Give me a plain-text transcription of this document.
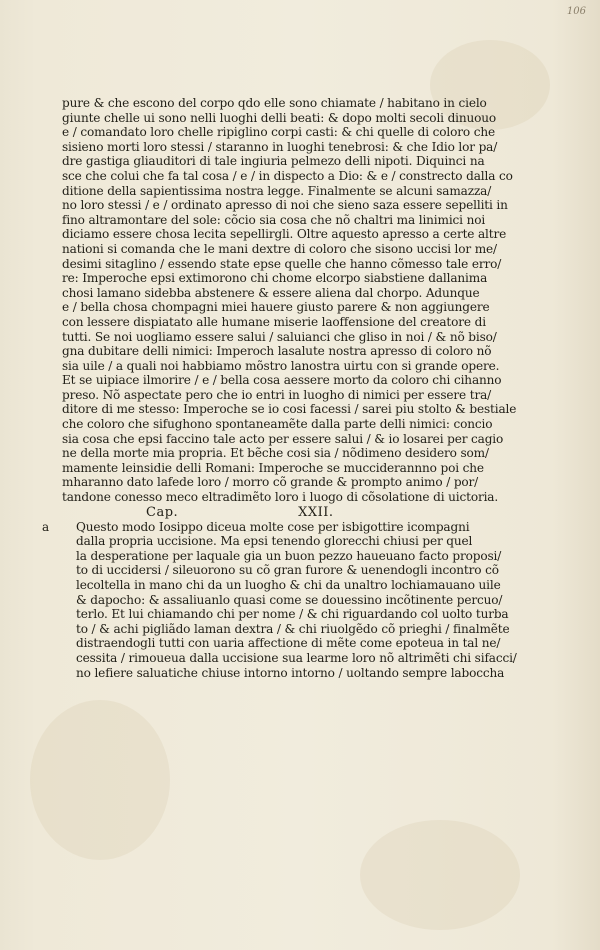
106
pure & che escono del corpo qdo elle sono chiamate / habitano in cielo
giunte chelle ui sono nelli luoghi delli beati: & dopo molti secoli dinuouo
e / comandato loro chelle ripiglino corpi casti: & chi quelle di coloro che
sisieno morti loro stessi / staranno in luoghi tenebrosi: & che Idio lor pa/
dre gastiga gliauditori di tale ingiuria pelmezo delli nipoti. Diquinci na
sce che colui che fa tal cosa / e / in dispecto a Dio: & e / constrecto dalla co
ditione della sapientissima nostra legge. Finalmente se alcuni samazza/
no loro stessi / e / ordinato apresso di noi che sieno saza essere sepelliti in
fino altramontare del sole: cõcio sia cosa che nõ chaltri ma linimici noi
diciamo essere chosa lecita sepellirgli. Oltre aquesto apresso a certe altre
nationi si comanda che le mani dextre di coloro che sisono uccisi lor me/
desimi sitaglino / essendo state epse quelle che hanno cõmesso tale erro/
re: Imperoche epsi extimorono chi chome elcorpo siabstiene dallanima
chosi lamano sidebba abstenere & essere aliena dal chorpo. Adunque
e / bella chosa chompagni miei hauere giusto parere & non aggiungere
con lessere dispiatato alle humane miserie laoffensione del creatore di
tutti. Se noi uogliamo essere salui / saluianci che gliso in noi / & nõ biso/
gna dubitare delli nimici: Imperoch lasalute nostra apresso di coloro nõ
sia uile / a quali noi habbiamo mõstro lanostra uirtu con si grande opere.
Et se uipiace ilmorire / e / bella cosa aessere morto da coloro chi cihanno
preso. Nõ aspectate pero che io entri in luogho di nimici per essere tra/
ditore di me stesso: Imperoche se io cosi facessi / sarei piu stolto & bestiale
che coloro che sifughono spontaneamẽte dalla parte delli nimici: concio
sia cosa che epsi faccino tale acto per essere salui / & io losarei per cagio
ne della morte mia propria. Et bẽche cosi sia / nõdimeno desidero som/
mamente leinsidie delli Romani: Imperoche se mucciderannno poi che
mharanno dato lafede loro / morro cõ grande & prompto animo / por/
tandone conesso meco eltradimẽto loro i luogo di cõsolatione di uictoria.
Cap.	XXII.
a Questo modo Iosippo diceua molte cose per isbigottire icompagni
dalla propria uccisione. Ma epsi tenendo glorecchi chiusi per quel
la desperatione per laquale gia un buon pezzo haueuano facto proposi/
to di uccidersi / sileuorono su cõ gran furore & uenendogli incontro cõ
lecoltella in mano chi da un luogho & chi da unaltro lochiamauano uile
& dapocho: & assaliuanlo quasi come se douessino incõtinente percuo/
terlo. Et lui chiamando chi per nome / & chi riguardando col uolto turba
to / & achi pigliãdo laman dextra / & chi riuolgẽdo cõ prieghi / finalmẽte
distraendogli tutti con uaria affectione di mẽte come epoteua in tal ne/
cessita / rimoueua dalla uccisione sua learme loro nõ altrimẽti chi sifacci/
no lefiere saluatiche chiuse intorno intorno / uoltando sempre laboccha
